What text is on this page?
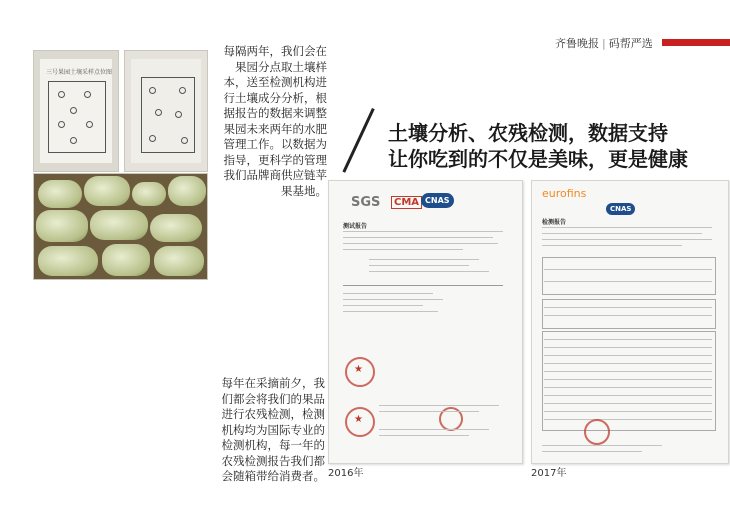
齐鲁晚报 | 码帮严选
三号果园土壤采样点位图
每隔两年，我们会在果园分点取土壤样本，送至检测机构进行土壤成分分析，根据报告的数据来调整果园未来两年的水肥管理工作。以数据为指导，更科学的管理我们品牌商供应链苹果基地。
每年在采摘前夕，我们都会将我们的果品进行农残检测，检测机构均为国际专业的检测机构，每一年的农残检测报告我们都会随箱带给消费者。
土壤分析、农残检测，数据支持
让你吃到的不仅是美味，更是健康
SGS	CMA CNAS
测试报告
★
★
2016年
eurofins
CNAS
检测报告
2017年
